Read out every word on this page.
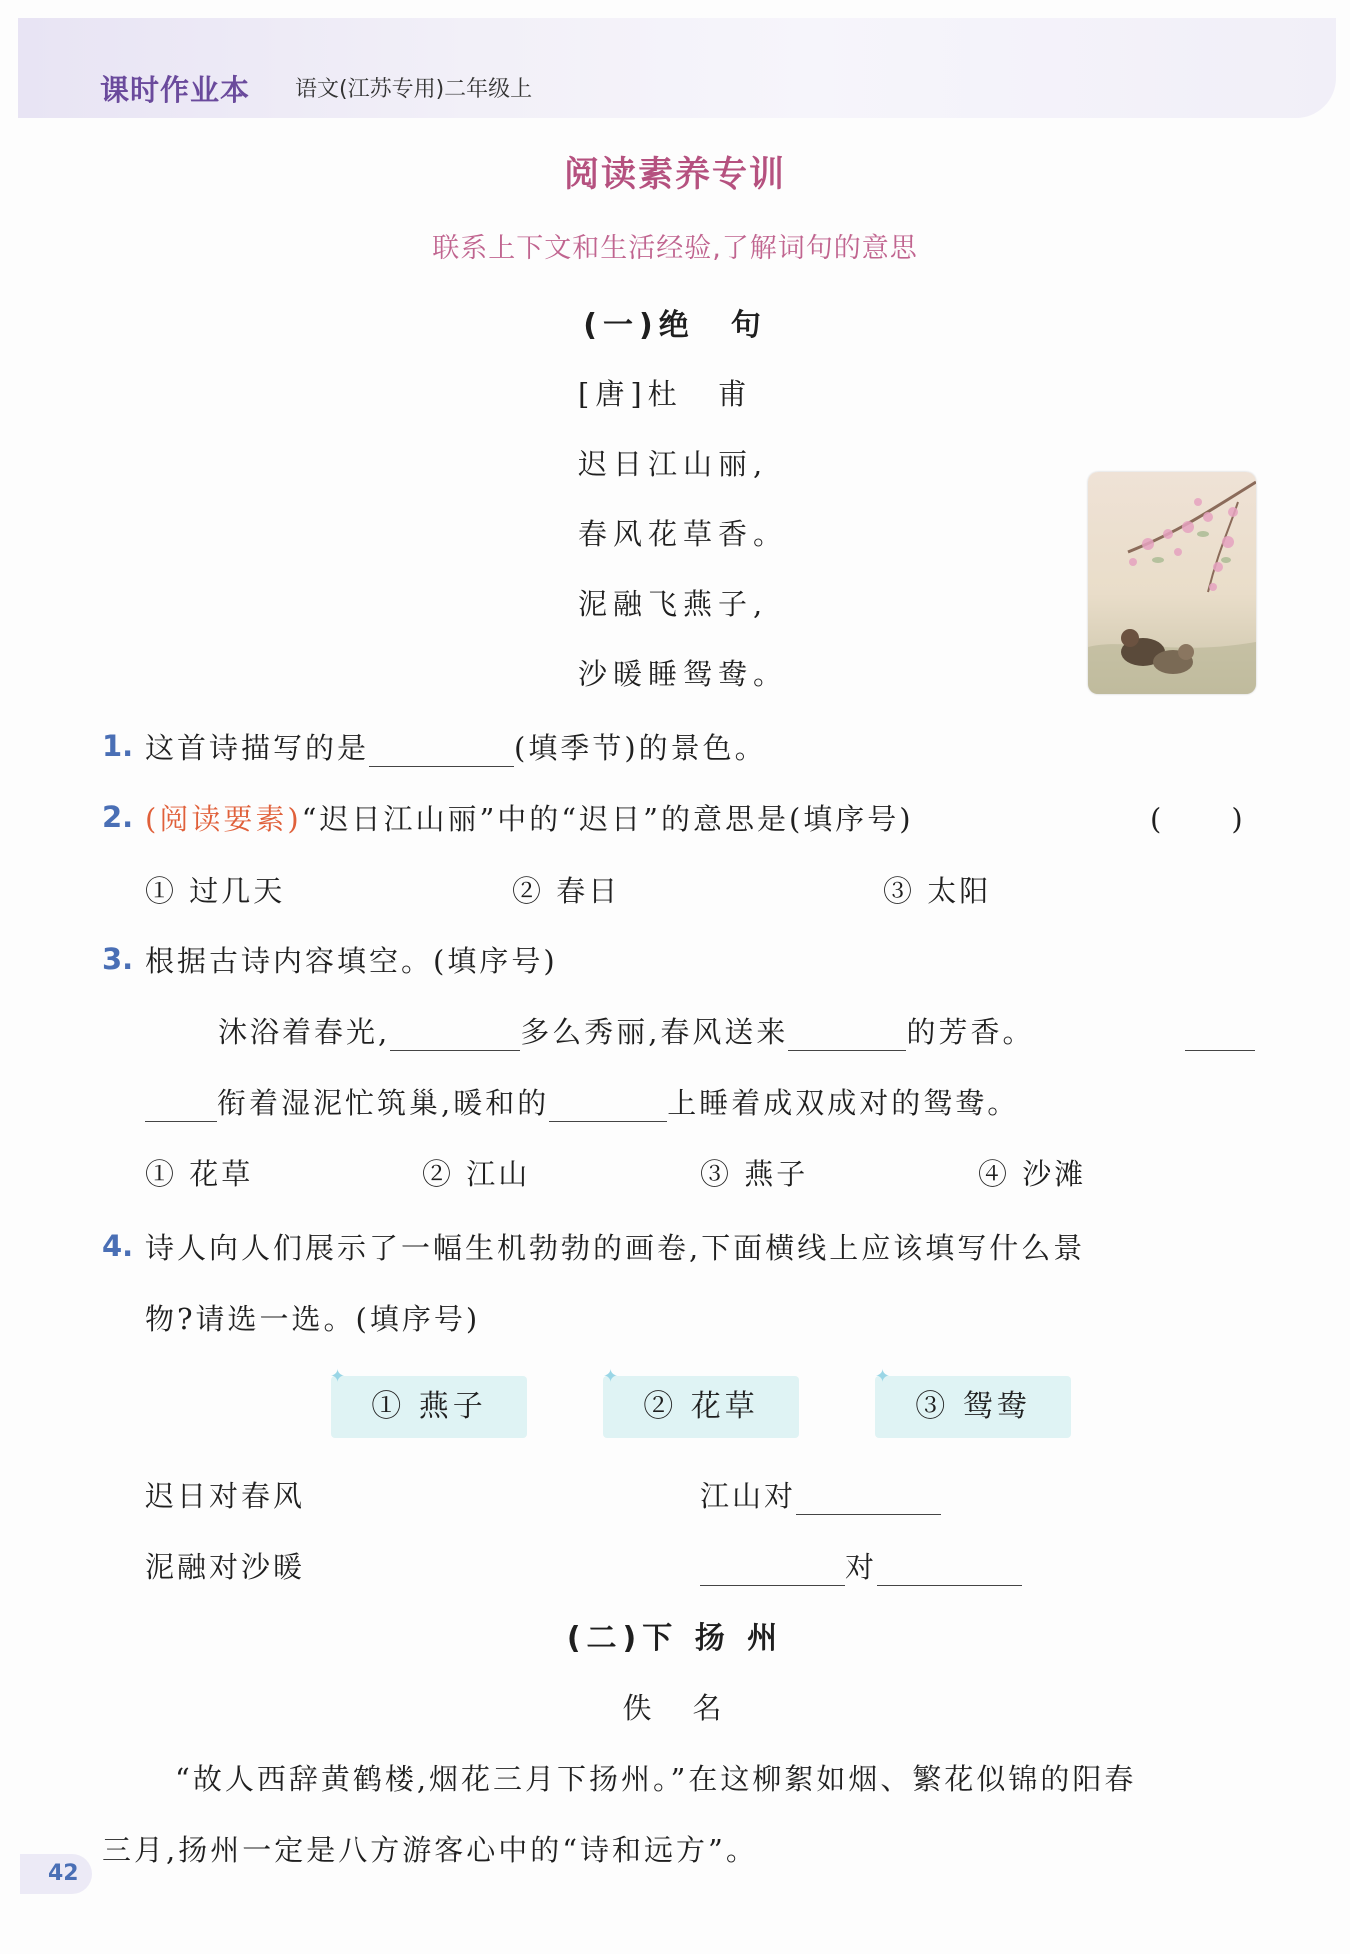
课时作业本 语文(江苏专用)二年级上
阅读素养专训
联系上下文和生活经验,了解词句的意思
(一)绝　句
[唐]杜　甫
迟日江山丽,
春风花草香。
泥融飞燕子,
沙暖睡鸳鸯。
1. 这首诗描写的是	(填季节)的景色。
2. (阅读要素)“迟日江山丽”中的“迟日”的意思是(填序号)	(　　)
① 过几天	② 春日	③ 太阳
3. 根据古诗内容填空。(填序号)
沐浴着春光,	多么秀丽,春风送来	的芳香。
衔着湿泥忙筑巢,暖和的	上睡着成双成对的鸳鸯。
① 花草	② 江山	③ 燕子	④ 沙滩
4. 诗人向人们展示了一幅生机勃勃的画卷,下面横线上应该填写什么景
物?请选一选。(填序号)
① 燕子	② 花草	③ 鸳鸯
✦	✦	✦
迟日对春风	江山对
泥融对沙暖	对
(二)下 扬 州
佚　名
“故人西辞黄鹤楼,烟花三月下扬州。”在这柳絮如烟、繁花似锦的阳春
三月,扬州一定是八方游客心中的“诗和远方”。
42
